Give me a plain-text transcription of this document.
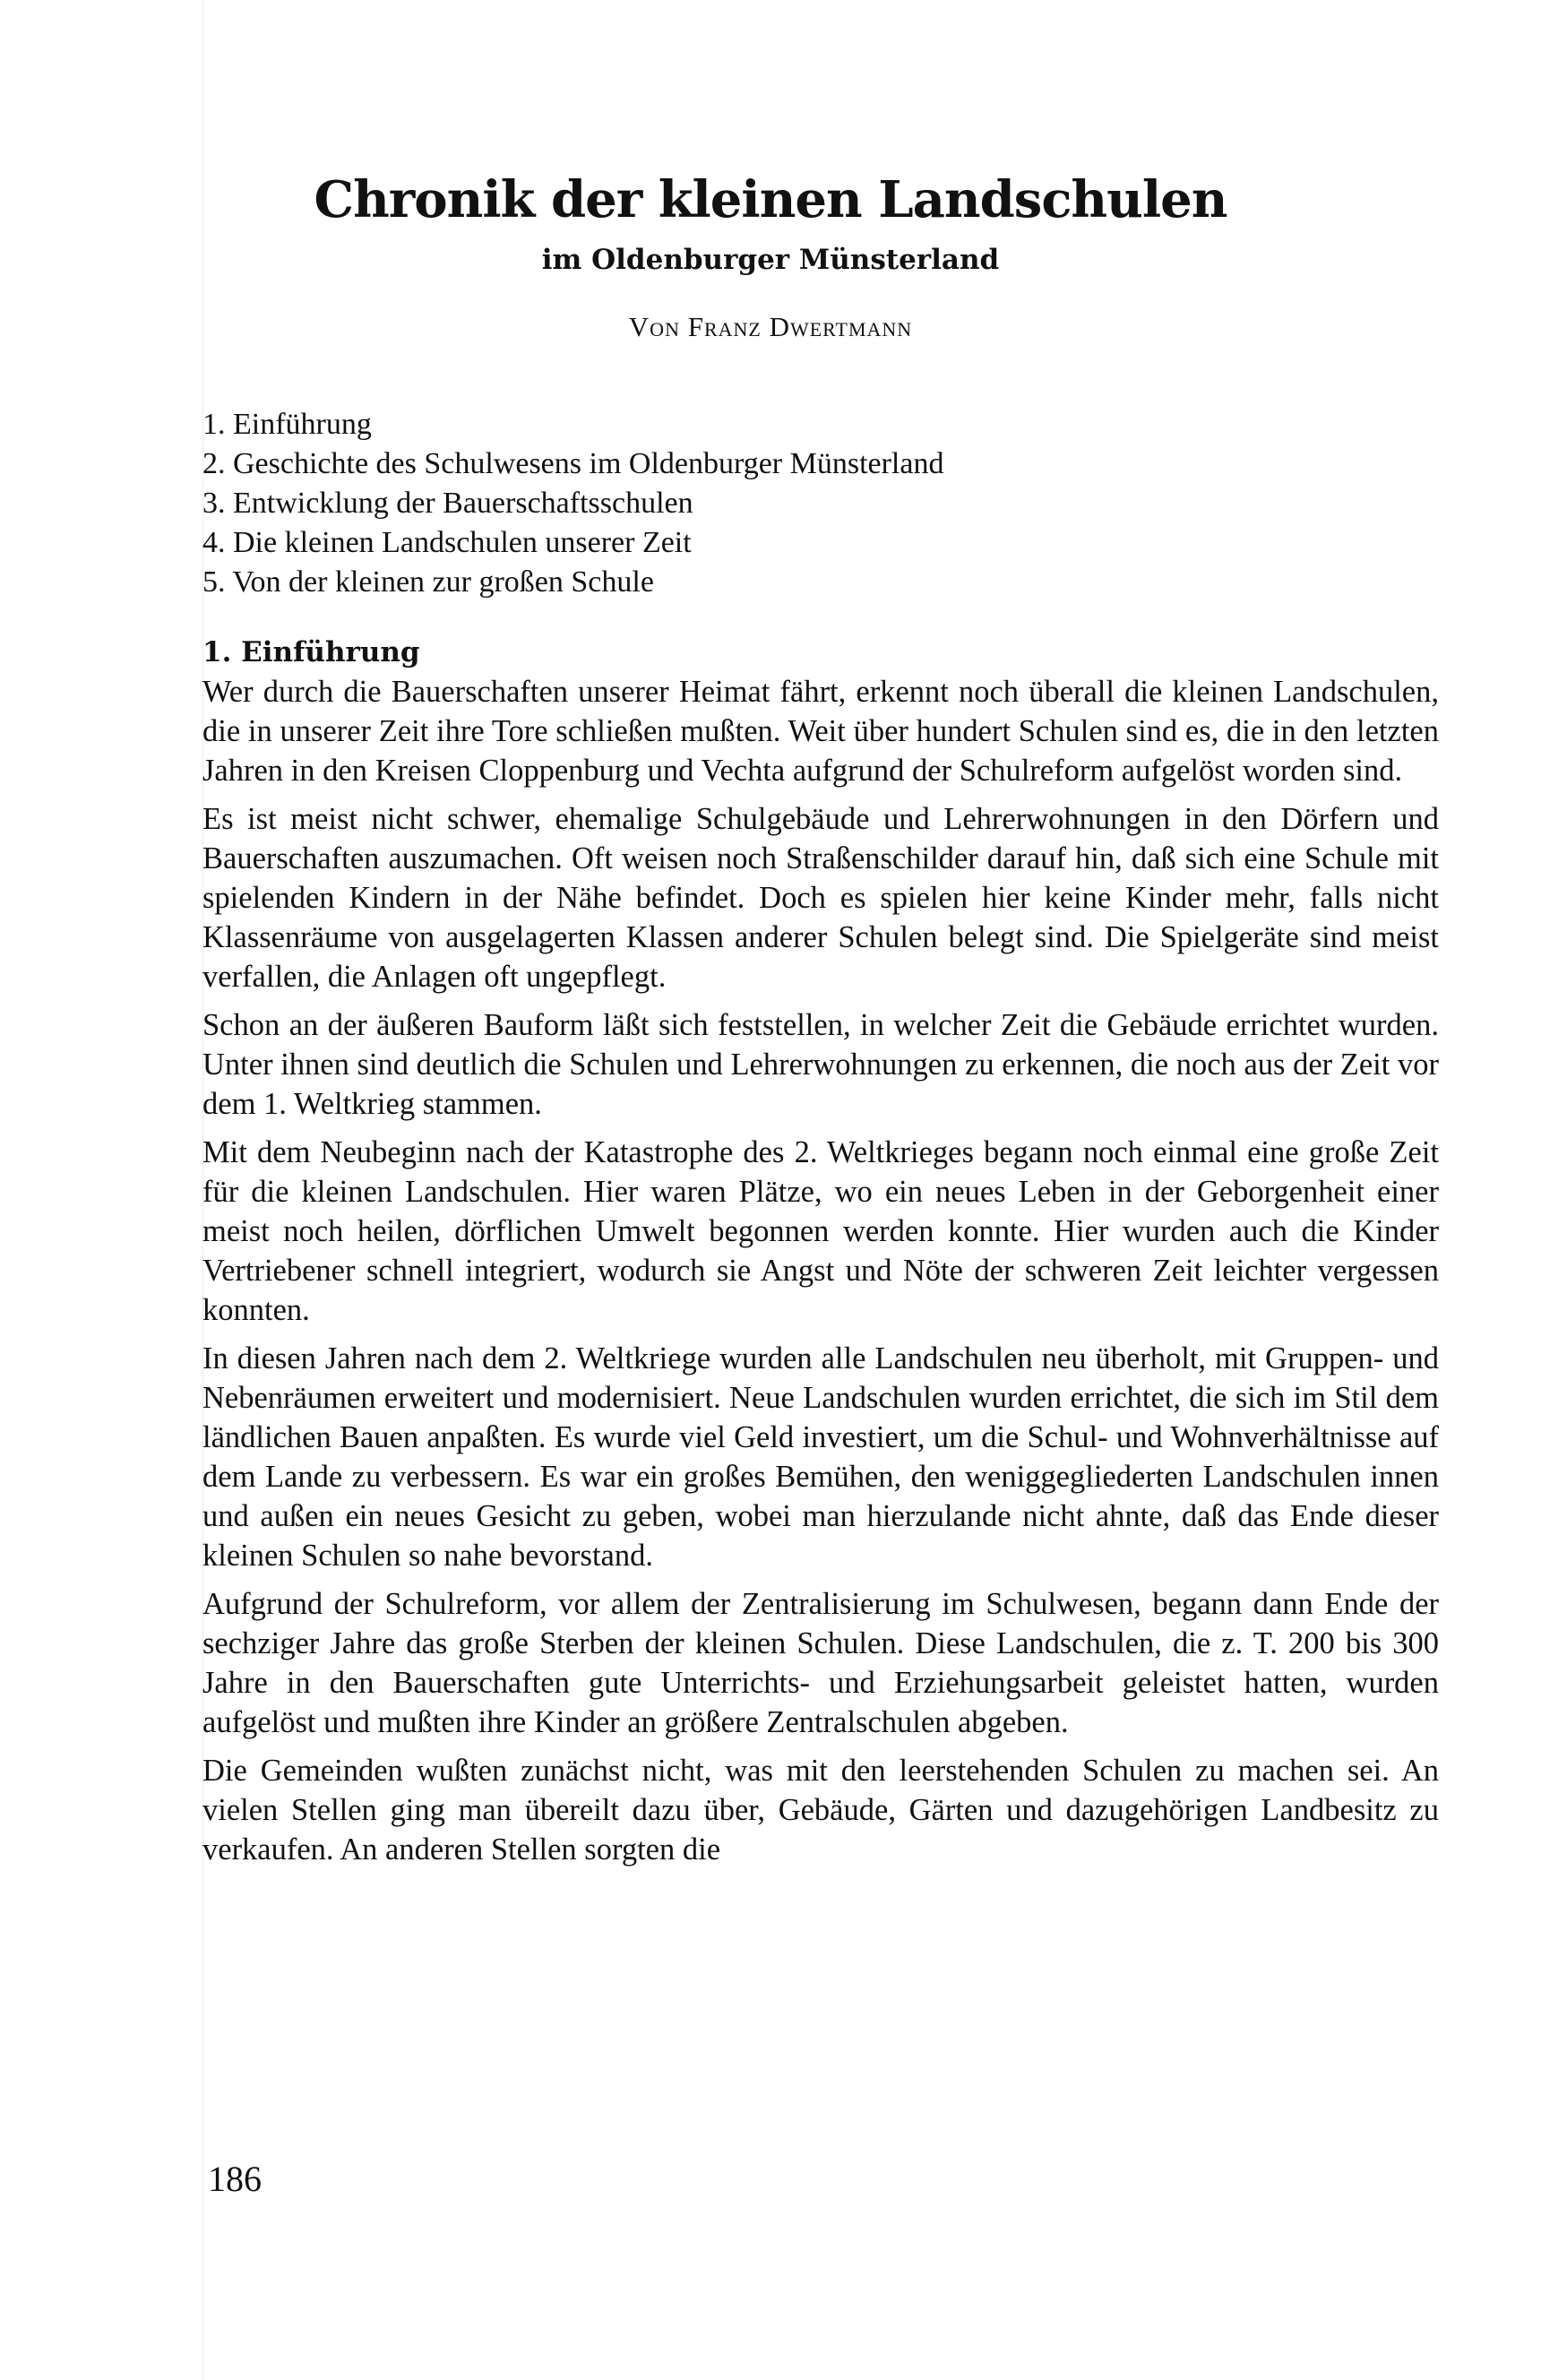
Chronik der kleinen Landschulen
im Oldenburger Münsterland
Von Franz Dwertmann
1. Einführung
2. Geschichte des Schulwesens im Oldenburger Münsterland
3. Entwicklung der Bauerschaftsschulen
4. Die kleinen Landschulen unserer Zeit
5. Von der kleinen zur großen Schule
1. Einführung

Wer durch die Bauerschaften unserer Heimat fährt, erkennt noch überall die kleinen Landschulen, die in unserer Zeit ihre Tore schließen mußten. Weit über hundert Schulen sind es, die in den letzten Jahren in den Kreisen Cloppenburg und Vechta aufgrund der Schulreform aufgelöst worden sind.

Es ist meist nicht schwer, ehemalige Schulgebäude und Lehrerwohnungen in den Dörfern und Bauerschaften auszumachen. Oft weisen noch Straßenschilder darauf hin, daß sich eine Schule mit spielenden Kindern in der Nähe befindet. Doch es spielen hier keine Kinder mehr, falls nicht Klassenräume von ausgelagerten Klassen anderer Schulen belegt sind. Die Spielgeräte sind meist verfallen, die Anlagen oft ungepflegt.

Schon an der äußeren Bauform läßt sich feststellen, in welcher Zeit die Gebäude errichtet wurden. Unter ihnen sind deutlich die Schulen und Lehrerwohnungen zu erkennen, die noch aus der Zeit vor dem 1. Weltkrieg stammen.

Mit dem Neubeginn nach der Katastrophe des 2. Weltkrieges begann noch einmal eine große Zeit für die kleinen Landschulen. Hier waren Plätze, wo ein neues Leben in der Geborgenheit einer meist noch heilen, dörflichen Umwelt begonnen werden konnte. Hier wurden auch die Kinder Vertriebener schnell integriert, wodurch sie Angst und Nöte der schweren Zeit leichter vergessen konnten.

In diesen Jahren nach dem 2. Weltkriege wurden alle Landschulen neu überholt, mit Gruppen- und Nebenräumen erweitert und modernisiert. Neue Landschulen wurden errichtet, die sich im Stil dem ländlichen Bauen anpaßten. Es wurde viel Geld investiert, um die Schul- und Wohnverhältnisse auf dem Lande zu verbessern. Es war ein großes Bemühen, den weniggegliederten Landschulen innen und außen ein neues Gesicht zu geben, wobei man hierzulande nicht ahnte, daß das Ende dieser kleinen Schulen so nahe bevorstand.

Aufgrund der Schulreform, vor allem der Zentralisierung im Schulwesen, begann dann Ende der sechziger Jahre das große Sterben der kleinen Schulen. Diese Landschulen, die z. T. 200 bis 300 Jahre in den Bauerschaften gute Unterrichts- und Erziehungsarbeit geleistet hatten, wurden aufgelöst und mußten ihre Kinder an größere Zentralschulen abgeben.

Die Gemeinden wußten zunächst nicht, was mit den leerstehenden Schulen zu machen sei. An vielen Stellen ging man übereilt dazu über, Gebäude, Gärten und dazugehörigen Landbesitz zu verkaufen. An anderen Stellen sorgten die

186
